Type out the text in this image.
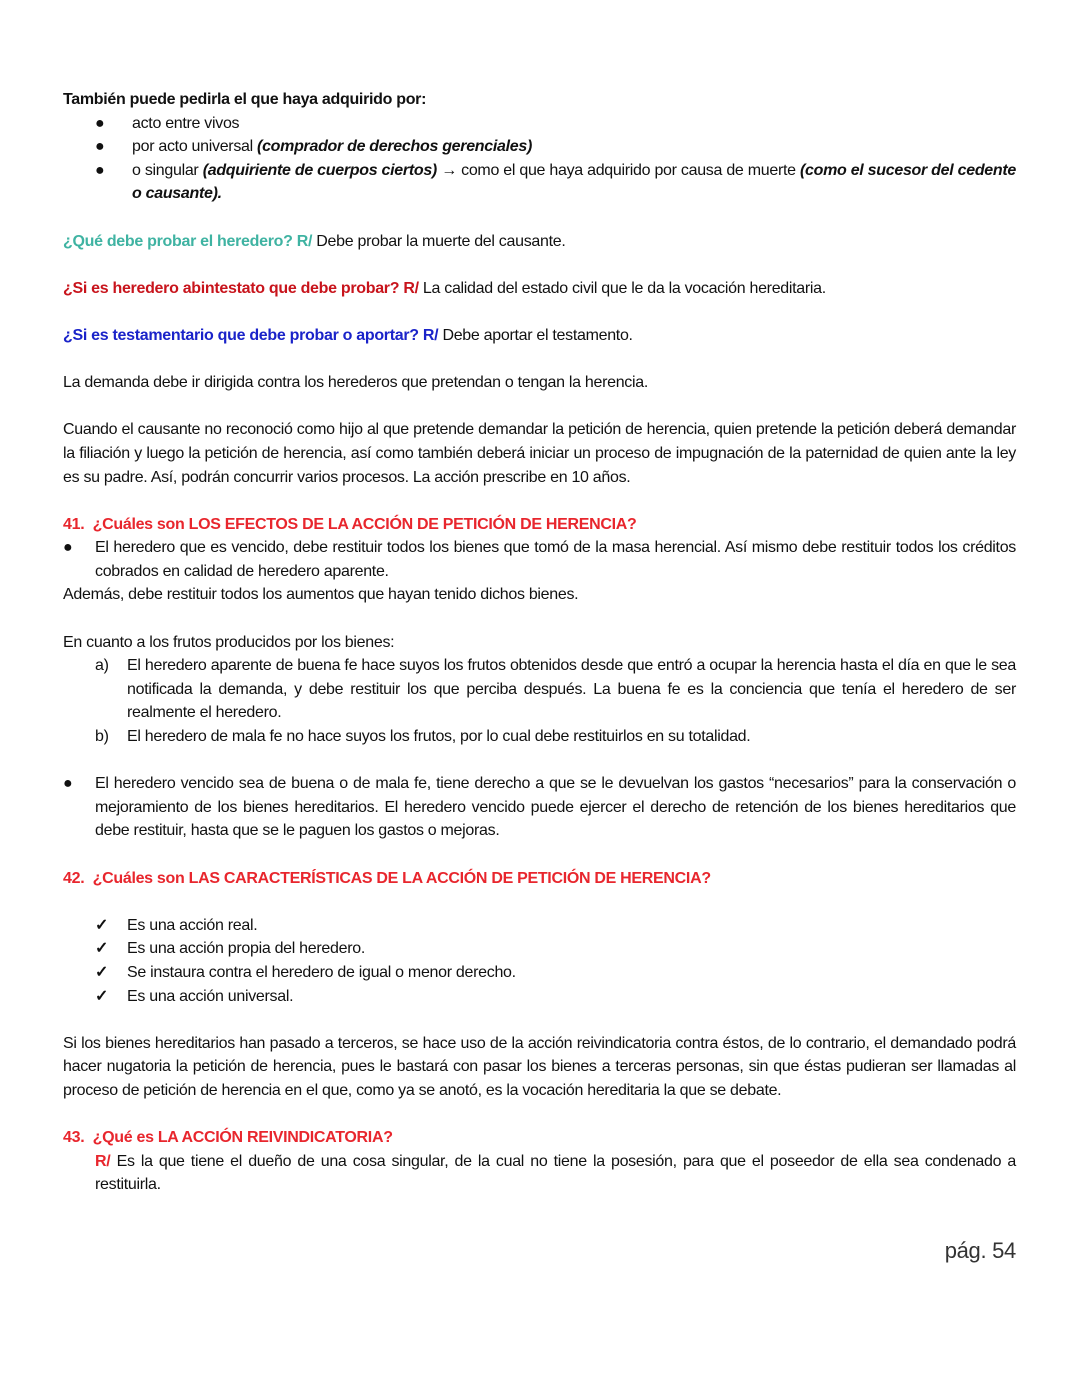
También puede pedirla el que haya adquirido por:
● acto entre vivos
● por acto universal (comprador de derechos gerenciales)
● o singular (adquiriente de cuerpos ciertos) → como el que haya adquirido por causa de muerte (como el sucesor del cedente o causante).
¿Qué debe probar el heredero? R/ Debe probar la muerte del causante.
¿Si es heredero abintestato que debe probar? R/ La calidad del estado civil que le da la vocación hereditaria.
¿Si es testamentario que debe probar o aportar? R/ Debe aportar el testamento.
La demanda debe ir dirigida contra los herederos que pretendan o tengan la herencia.
Cuando el causante no reconoció como hijo al que pretende demandar la petición de herencia, quien pretende la petición deberá demandar la filiación y luego la petición de herencia, así como también deberá iniciar un proceso de impugnación de la paternidad de quien ante la ley es su padre. Así, podrán concurrir varios procesos. La acción prescribe en 10 años.
41. ¿Cuáles son LOS EFECTOS DE LA ACCIÓN DE PETICIÓN DE HERENCIA?
● El heredero que es vencido, debe restituir todos los bienes que tomó de la masa herencial. Así mismo debe restituir todos los créditos cobrados en calidad de heredero aparente.
Además, debe restituir todos los aumentos que hayan tenido dichos bienes.
En cuanto a los frutos producidos por los bienes:
a) El heredero aparente de buena fe hace suyos los frutos obtenidos desde que entró a ocupar la herencia hasta el día en que le sea notificada la demanda, y debe restituir los que perciba después. La buena fe es la conciencia que tenía el heredero de ser realmente el heredero.
b) El heredero de mala fe no hace suyos los frutos, por lo cual debe restituirlos en su totalidad.
● El heredero vencido sea de buena o de mala fe, tiene derecho a que se le devuelvan los gastos “necesarios” para la conservación o mejoramiento de los bienes hereditarios. El heredero vencido puede ejercer el derecho de retención de los bienes hereditarios que debe restituir, hasta que se le paguen los gastos o mejoras.
42. ¿Cuáles son LAS CARACTERÍSTICAS DE LA ACCIÓN DE PETICIÓN DE HERENCIA?
✓ Es una acción real.
✓ Es una acción propia del heredero.
✓ Se instaura contra el heredero de igual o menor derecho.
✓ Es una acción universal.
Si los bienes hereditarios han pasado a terceros, se hace uso de la acción reivindicatoria contra éstos, de lo contrario, el demandado podrá hacer nugatoria la petición de herencia, pues le bastará con pasar los bienes a terceras personas, sin que éstas pudieran ser llamadas al proceso de petición de herencia en el que, como ya se anotó, es la vocación hereditaria la que se debate.
43. ¿Qué es LA ACCIÓN REIVINDICATORIA?
R/ Es la que tiene el dueño de una cosa singular, de la cual no tiene la posesión, para que el poseedor de ella sea condenado a restituirla.
pág. 54
